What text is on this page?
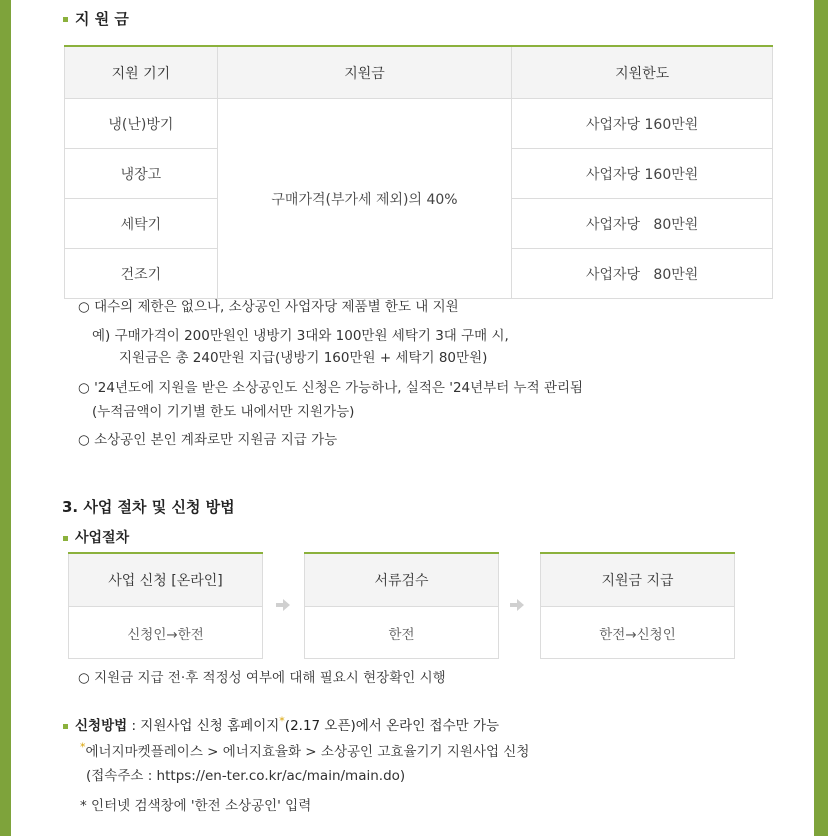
지 원 금
지원 기기	지원금	지원한도
냉(난)방기	구매가격(부가세 제외)의 40%	사업자당 160만원
냉장고		사업자당 160만원
세탁기		사업자당   80만원
건조기		사업자당   80만원
○ 대수의 제한은 없으나, 소상공인 사업자당 제품별 한도 내 지원
예) 구매가격이 200만원인 냉방기 3대와 100만원 세탁기 3대 구매 시,
지원금은 총 240만원 지급(냉방기 160만원 + 세탁기 80만원)
○ '24년도에 지원을 받은 소상공인도 신청은 가능하나, 실적은 '24년부터 누적 관리됨
(누적금액이 기기별 한도 내에서만 지원가능)
○ 소상공인 본인 계좌로만 지원금 지급 가능
3. 사업 절차 및 신청 방법
사업절차
사업 신청 [온라인]
신청인→한전
서류검수
한전
지원금 지급
한전→신청인
○ 지원금 지급 전·후 적정성 여부에 대해 필요시 현장확인 시행
신청방법 : 지원사업 신청 홈페이지*(2.17 오픈)에서 온라인 접수만 가능
*에너지마켓플레이스 > 에너지효율화 > 소상공인 고효율기기 지원사업 신청
(접속주소 : https://en-ter.co.kr/ac/main/main.do)
* 인터넷 검색창에 '한전 소상공인' 입력
